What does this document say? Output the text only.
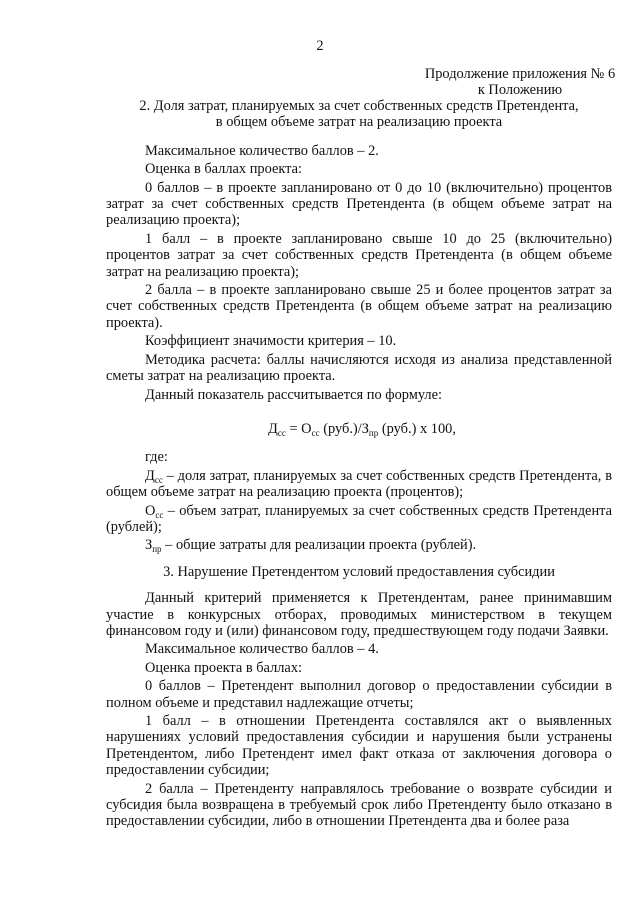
2
Продолжение приложения № 6
к Положению
2. Доля затрат, планируемых за счет собственных средств Претендента,
в общем объеме затрат на реализацию проекта

Максимальное количество баллов – 2.

Оценка в баллах проекта:

0 баллов – в проекте запланировано от 0 до 10 (включительно) процентов затрат за счет собственных средств Претендента (в общем объеме затрат на реализацию проекта);

1 балл – в проекте запланировано свыше 10 до 25 (включительно) процентов затрат за счет собственных средств Претендента (в общем объеме затрат на реализацию проекта);

2 балла – в проекте запланировано свыше 25 и более процентов затрат за счет собственных средств Претендента (в общем объеме затрат на реализацию проекта).

Коэффициент значимости критерия – 10.

Методика расчета: баллы начисляются исходя из анализа представленной сметы затрат на реализацию проекта.

Данный показатель рассчитывается по формуле:

$Д_{сс} = О_{сс}$ $(руб.)/З_{пр}$ (руб.) х 100,

где:

$Д_{сс}$ – доля затрат, планируемых за счет собственных средств Претендента, в общем объеме затрат на реализацию проекта (процентов);

$О_{сс}$ – объем затрат, планируемых за счет собственных средств Претендента (рублей);

$З_{пр}$ – общие затраты для реализации проекта (рублей).

3. Нарушение Претендентом условий предоставления субсидии

Данный критерий применяется к Претендентам, ранее принимавшим участие в конкурсных отборах, проводимых министерством в текущем финансовом году и (или) финансовом году, предшествующем году подачи Заявки.

Максимальное количество баллов – 4.

Оценка проекта в баллах:

0 баллов – Претендент выполнил договор о предоставлении субсидии в полном объеме и представил надлежащие отчеты;

1 балл – в отношении Претендента составлялся акт о выявленных нарушениях условий предоставления субсидии и нарушения были устранены Претендентом, либо Претендент имел факт отказа от заключения договора о предоставлении субсидии;

2 балла – Претенденту направлялось требование о возврате субсидии и субсидия была возвращена в требуемый срок либо Претенденту было отказано в предоставлении субсидии, либо в отношении Претендента два и более раза
